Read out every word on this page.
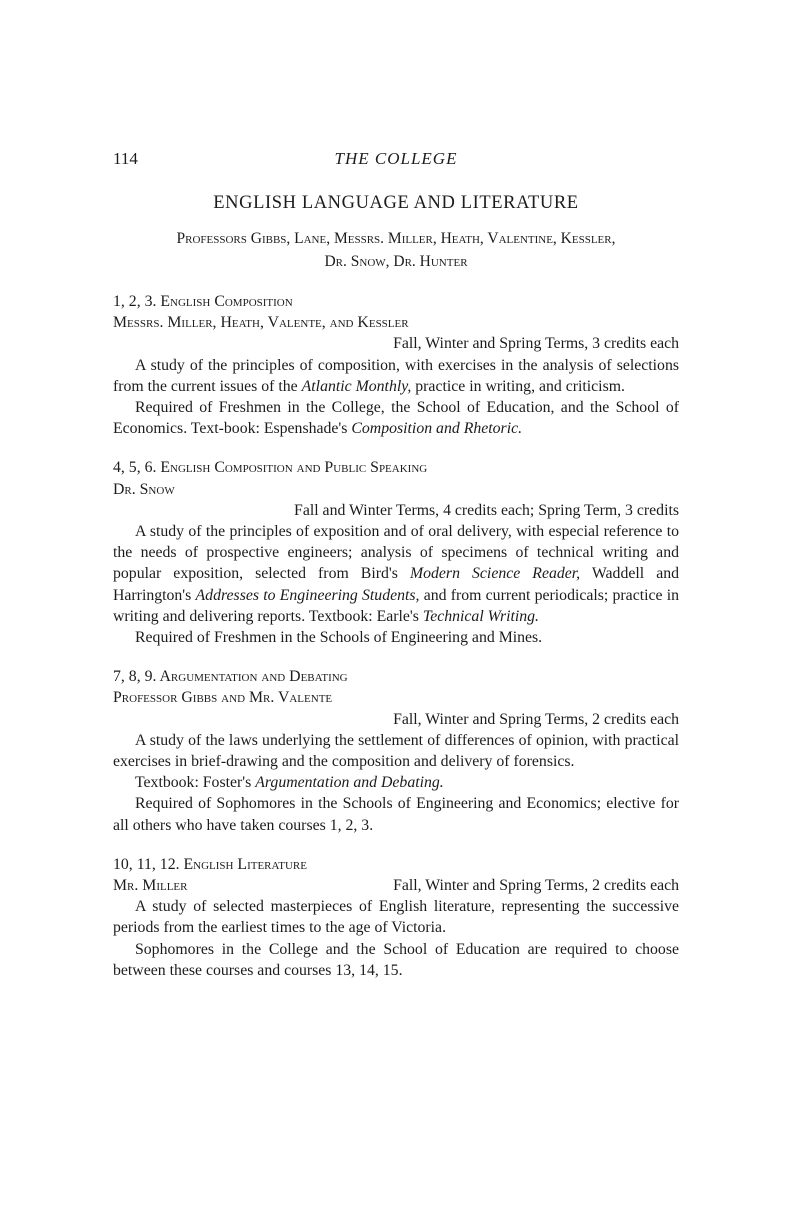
114	THE COLLEGE
ENGLISH LANGUAGE AND LITERATURE
Professors Gibbs, Lane, Messrs. Miller, Heath, Valentine, Kessler,
Dr. Snow, Dr. Hunter
1, 2, 3. English Composition
Messrs. Miller, Heath, Valente, and Kessler
Fall, Winter and Spring Terms, 3 credits each

A study of the principles of composition, with exercises in the analysis of selections from the current issues of the Atlantic Monthly, practice in writing, and criticism.

Required of Freshmen in the College, the School of Education, and the School of Economics. Text-book: Espenshade's Composition and Rhetoric.

4, 5, 6. English Composition and Public Speaking
Dr. Snow
Fall and Winter Terms, 4 credits each; Spring Term, 3 credits

A study of the principles of exposition and of oral delivery, with especial reference to the needs of prospective engineers; analysis of specimens of technical writing and popular exposition, selected from Bird's Modern Science Reader, Waddell and Harrington's Addresses to Engineering Students, and from current periodicals; practice in writing and delivering reports. Textbook: Earle's Technical Writing.

Required of Freshmen in the Schools of Engineering and Mines.

7, 8, 9. Argumentation and Debating
Professor Gibbs and Mr. Valente
Fall, Winter and Spring Terms, 2 credits each

A study of the laws underlying the settlement of differences of opinion, with practical exercises in brief-drawing and the composition and delivery of forensics.

Textbook: Foster's Argumentation and Debating.

Required of Sophomores in the Schools of Engineering and Economics; elective for all others who have taken courses 1, 2, 3.

10, 11, 12. English Literature
Mr. Miller	Fall, Winter and Spring Terms, 2 credits each

A study of selected masterpieces of English literature, representing the successive periods from the earliest times to the age of Victoria.

Sophomores in the College and the School of Education are required to choose between these courses and courses 13, 14, 15.
